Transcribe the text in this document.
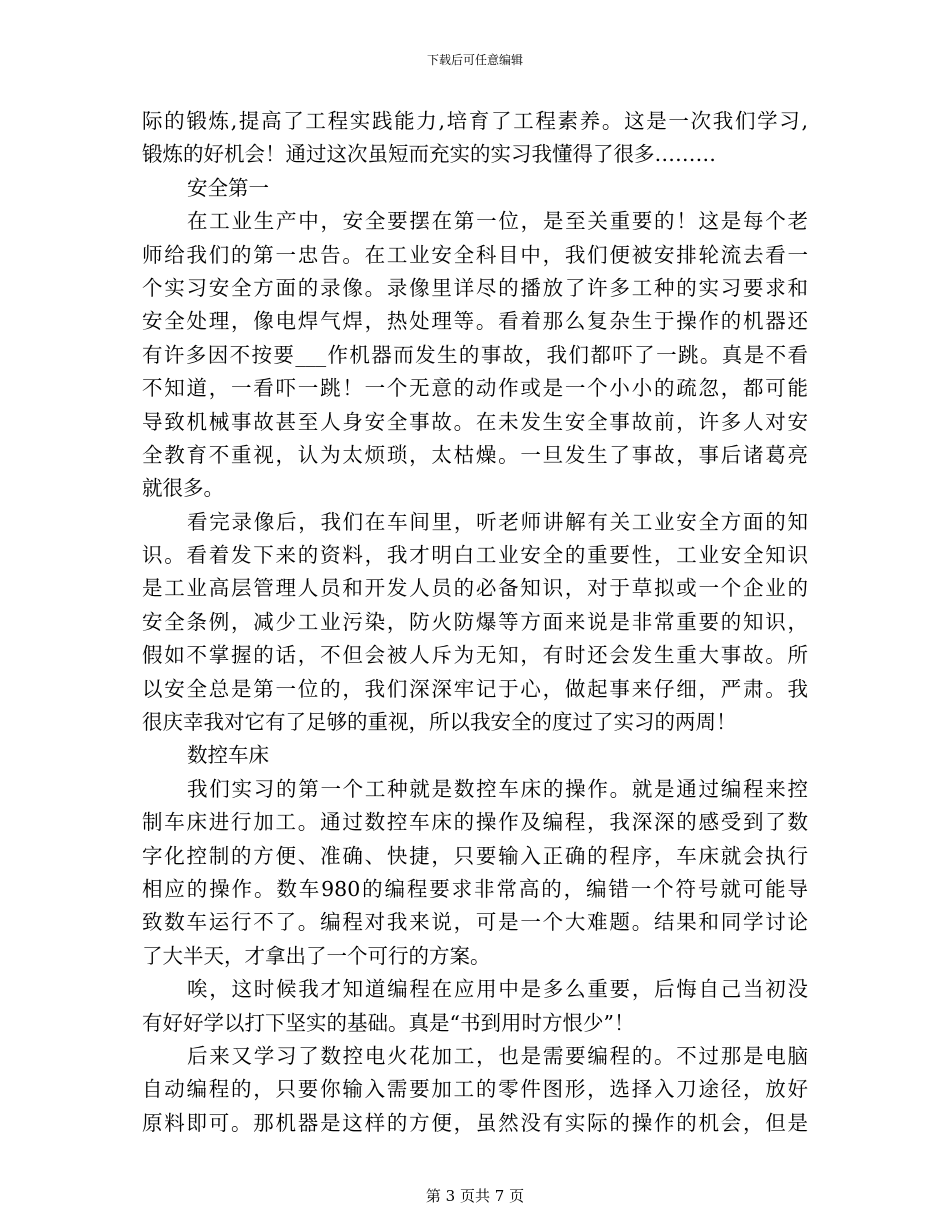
下载后可任意编辑
际的锻炼,提高了工程实践能力,培育了工程素养。这是一次我们学习,
锻炼的好机会！通过这次虽短而充实的实习我懂得了很多………
安全第一
在工业生产中，安全要摆在第一位，是至关重要的！这是每个老
师给我们的第一忠告。在工业安全科目中，我们便被安排轮流去看一
个实习安全方面的录像。录像里详尽的播放了许多工种的实习要求和
安全处理，像电焊气焊，热处理等。看着那么复杂生于操作的机器还
有许多因不按要___作机器而发生的事故，我们都吓了一跳。真是不看
不知道，一看吓一跳！一个无意的动作或是一个小小的疏忽，都可能
导致机械事故甚至人身安全事故。在未发生安全事故前，许多人对安
全教育不重视，认为太烦琐，太枯燥。一旦发生了事故，事后诸葛亮
就很多。
看完录像后，我们在车间里，听老师讲解有关工业安全方面的知
识。看着发下来的资料，我才明白工业安全的重要性，工业安全知识
是工业高层管理人员和开发人员的必备知识，对于草拟或一个企业的
安全条例，减少工业污染，防火防爆等方面来说是非常重要的知识，
假如不掌握的话，不但会被人斥为无知，有时还会发生重大事故。所
以安全总是第一位的，我们深深牢记于心，做起事来仔细，严肃。我
很庆幸我对它有了足够的重视，所以我安全的度过了实习的两周！
数控车床
我们实习的第一个工种就是数控车床的操作。就是通过编程来控
制车床进行加工。通过数控车床的操作及编程，我深深的感受到了数
字化控制的方便、准确、快捷，只要输入正确的程序，车床就会执行
相应的操作。数车980的编程要求非常高的，编错一个符号就可能导
致数车运行不了。编程对我来说，可是一个大难题。结果和同学讨论
了大半天，才拿出了一个可行的方案。
唉，这时候我才知道编程在应用中是多么重要，后悔自己当初没
有好好学以打下坚实的基础。真是“书到用时方恨少”！
后来又学习了数控电火花加工，也是需要编程的。不过那是电脑
自动编程的，只要你输入需要加工的零件图形，选择入刀途径，放好
原料即可。那机器是这样的方便，虽然没有实际的操作的机会，但是
第 3 页共 7 页
